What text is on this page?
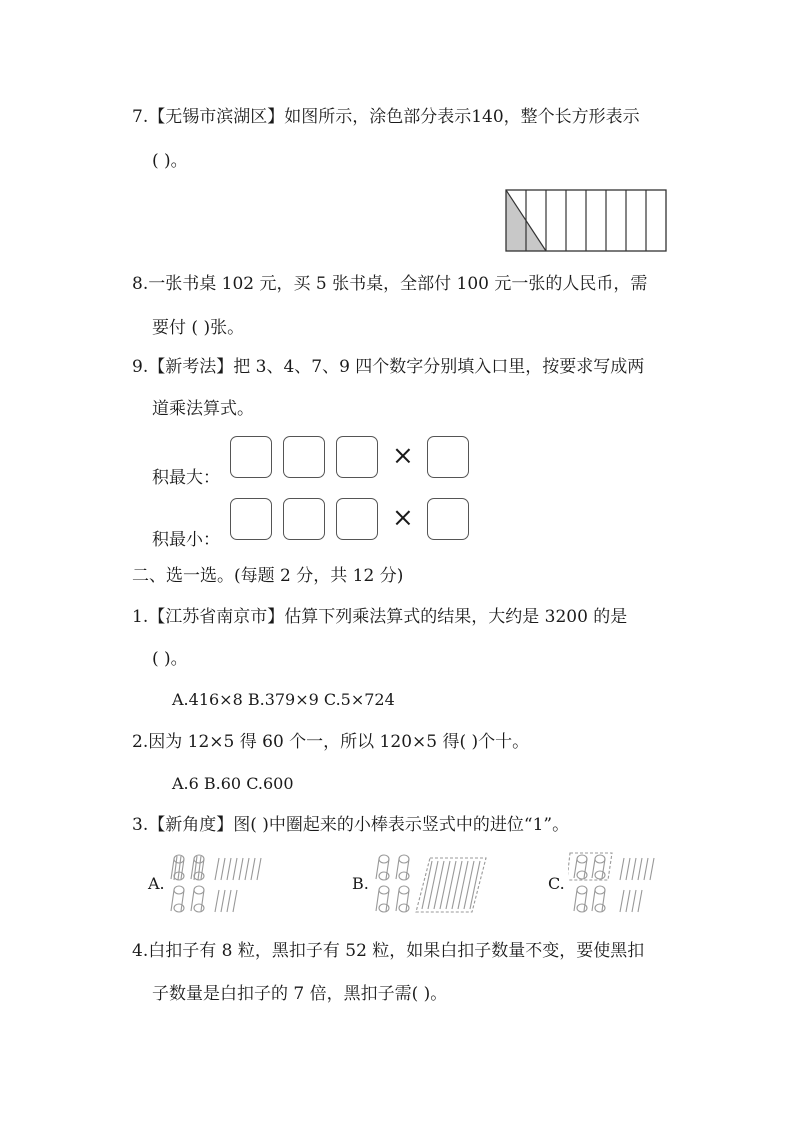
7.【无锡市滨湖区】如图所示，涂色部分表示140，整个长方形表示
( )。
8.一张书桌 102 元，买 5 张书桌，全部付 100 元一张的人民币，需
要付 ( )张。
9.【新考法】把 3、4、7、9 四个数字分别填入口里，按要求写成两
道乘法算式。
积最大：
×
积最小：
×
二、选一选。(每题 2 分，共 12 分)
1.【江苏省南京市】估算下列乘法算式的结果，大约是 3200 的是
( )。
A.416×8 B.379×9 C.5×724
2.因为 12×5 得 60 个一，所以 120×5 得( )个十。
A.6 B.60 C.600
3.【新角度】图( )中圈起来的小棒表示竖式中的进位“1”。
A.	B.	C.
4.白扣子有 8 粒，黑扣子有 52 粒，如果白扣子数量不变，要使黑扣
子数量是白扣子的 7 倍，黑扣子需( )。
